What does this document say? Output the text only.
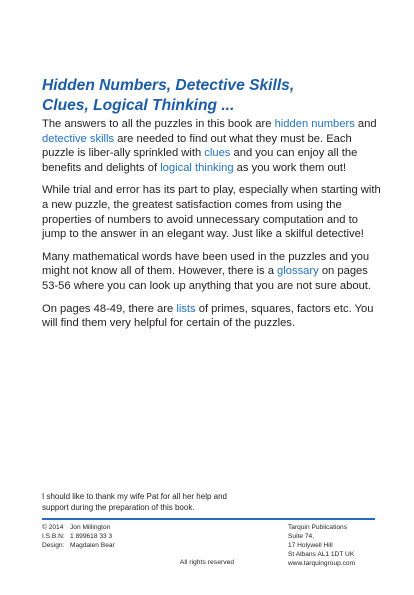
Hidden Numbers, Detective Skills,
Clues, Logical Thinking ...

The answers to all the puzzles in this book are hidden numbers and detective skills are needed to find out what they must be. Each puzzle is liber-ally sprinkled with clues and you can enjoy all the benefits and delights of logical thinking as you work them out!

While trial and error has its part to play, especially when starting with a new puzzle, the greatest satisfaction comes from using the properties of numbers to avoid unnecessary computation and to jump to the answer in an elegant way. Just like a skilful detective!

Many mathematical words have been used in the puzzles and you might not know all of them. However, there is a glossary on pages 53-56 where you can look up anything that you are not sure about.

On pages 48-49, there are lists of primes, squares, factors etc. You will find them very helpful for certain of the puzzles.

I should like to thank my wife Pat for all her help and
support during the preparation of this book.

© 2014	Jon Millington
I.S.B.N: 1 899618 33 3
Design: Magdalen Bear
Tarquin Publications
Suite 74,
17 Holywell Hill
St Albans AL1 1DT UK
www.tarquingroup.com
All rights reserved
